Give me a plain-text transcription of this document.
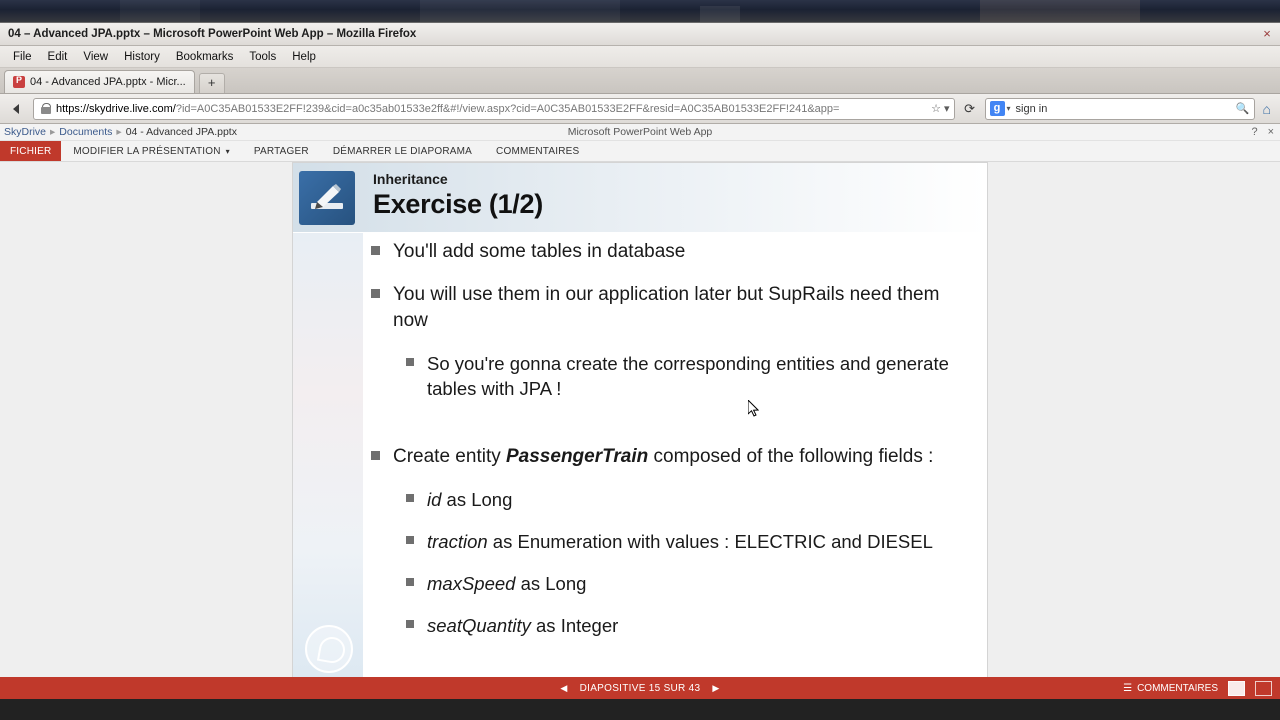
04 – Advanced JPA.pptx – Microsoft PowerPoint Web App – Mozilla Firefox	×
File	Edit	View	History	Bookmarks	Tools	Help
P
04 - Advanced JPA.pptx - Micr...	+
https://skydrive.live.com/?id=A0C35AB01533E2FF!239&cid=a0c35ab01533e2ff&#!/view.aspx?cid=A0C35AB01533E2FF&resid=A0C35AB01533E2FF!241&app=	☆ ▾	⟳	g ▾ sign in	🔍 ⌂
SkyDrive ▸ Documents ▸ 04 - Advanced JPA.pptx	Microsoft PowerPoint Web App	? ×
FICHIER	MODIFIER LA PRÉSENTATION ▾	PARTAGER	DÉMARRER LE DIAPORAMA	COMMENTAIRES
Inheritance
Exercise (1/2)
You'll add some tables in database
You will use them in our application later but SupRails need them now
So you're gonna create the corresponding entities and generate tables with JPA !
Create entity PassengerTrain composed of the following fields :
id as Long
traction as Enumeration with values : ELECTRIC and DIESEL
maxSpeed as Long
seatQuantity as Integer
◀ DIAPOSITIVE 15 SUR 43 ▶	☰ COMMENTAIRES
